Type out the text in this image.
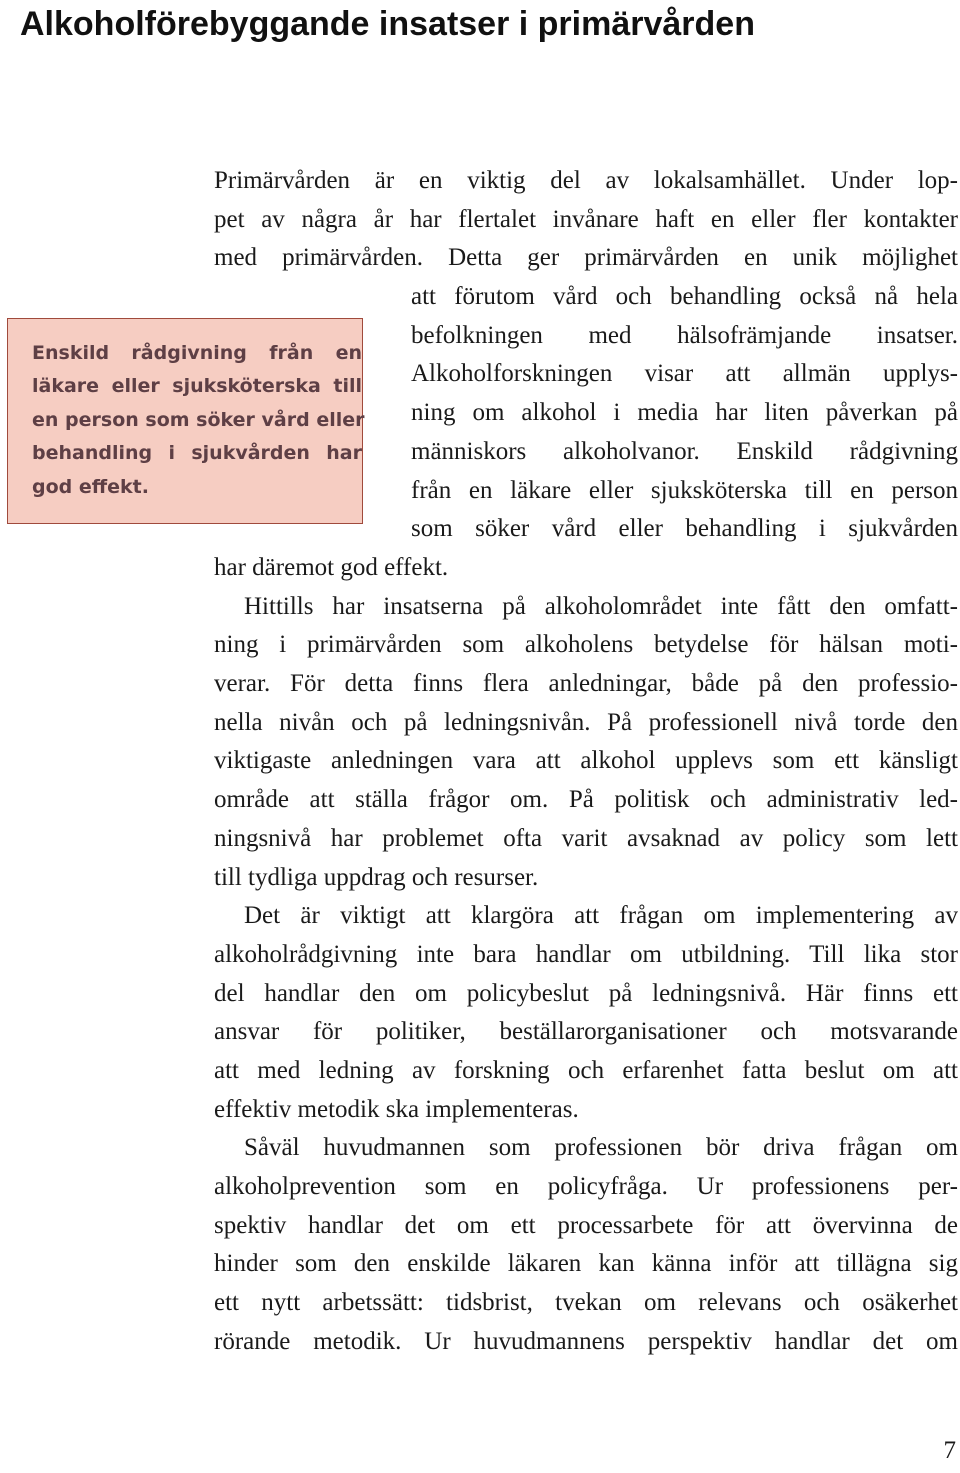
Alkoholförebyggande insatser i primärvården
Enskild rådgivning från en
läkare eller sjuksköterska till
en person som söker vård eller
behandling i sjukvården har
god effekt.
Primärvården är en viktig del av lokalsamhället. Under lop-
pet av några år har flertalet invånare haft en eller fler kontakter
med primärvården. Detta ger primärvården en unik möjlighet
att förutom vård och behandling också nå hela
befolkningen med hälsofrämjande insatser.
Alkoholforskningen visar att allmän upplys-
ning om alkohol i media har liten påverkan på
människors alkoholvanor. Enskild rådgivning
från en läkare eller sjuksköterska till en person
som söker vård eller behandling i sjukvården
har däremot god effekt.
Hittills har insatserna på alkoholområdet inte fått den omfatt-
ning i primärvården som alkoholens betydelse för hälsan moti-
verar. För detta finns flera anledningar, både på den professio-
nella nivån och på ledningsnivån. På professionell nivå torde den
viktigaste anledningen vara att alkohol upplevs som ett känsligt
område att ställa frågor om. På politisk och administrativ led-
ningsnivå har problemet ofta varit avsaknad av policy som lett
till tydliga uppdrag och resurser.
Det är viktigt att klargöra att frågan om implementering av
alkoholrådgivning inte bara handlar om utbildning. Till lika stor
del handlar den om policybeslut på ledningsnivå. Här finns ett
ansvar för politiker, beställarorganisationer och motsvarande
att med ledning av forskning och erfarenhet fatta beslut om att
effektiv metodik ska implementeras.
Såväl huvudmannen som professionen bör driva frågan om
alkoholprevention som en policyfråga. Ur professionens per-
spektiv handlar det om ett processarbete för att övervinna de
hinder som den enskilde läkaren kan känna inför att tillägna sig
ett nytt arbetssätt: tidsbrist, tvekan om relevans och osäkerhet
rörande metodik. Ur huvudmannens perspektiv handlar det om
7
